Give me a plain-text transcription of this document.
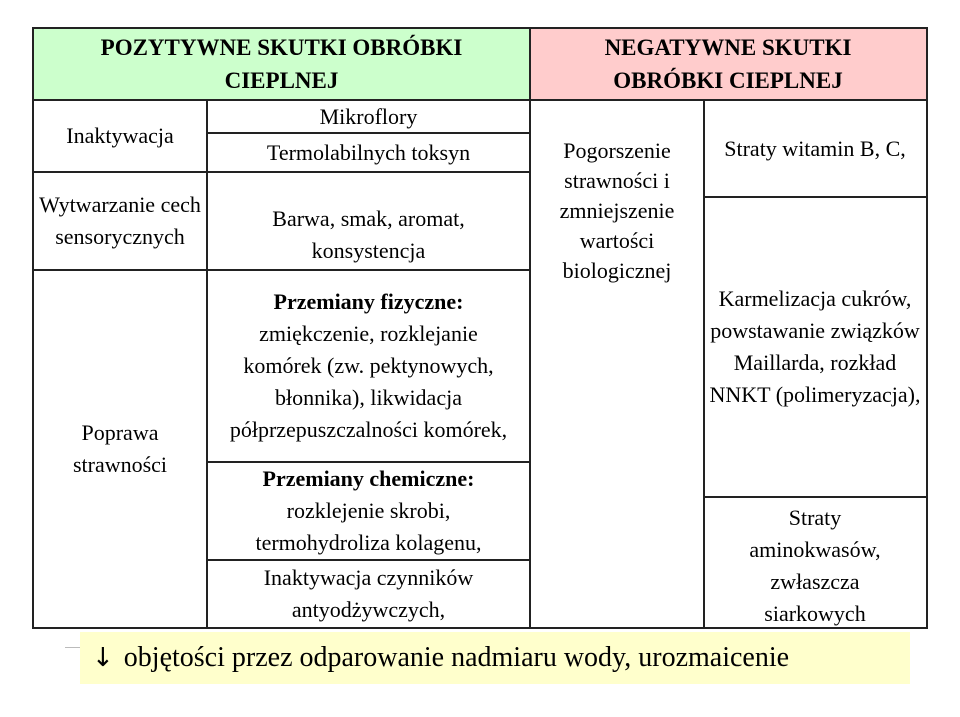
POZYTYWNE SKUTKI OBRÓBKI CIEPLNEJ
NEGATYWNE SKUTKI OBRÓBKI CIEPLNEJ
Inaktywacja
Wytwarzanie cech sensorycznych
Poprawa strawności
Mikroflory
Termolabilnych toksyn
Barwa, smak, aromat, konsystencja
Przemiany fizyczne:
zmiękczenie, rozklejanie komórek (zw. pektynowych, błonnika), likwidacja półprzepuszczalności komórek,
Przemiany chemiczne:
rozklejenie skrobi, termohydroliza kolagenu,
Inaktywacja czynników antyodżywczych,
Pogorszenie strawności i zmniejszenie wartości biologicznej
Straty witamin B, C,
Karmelizacja cukrów, powstawanie związków Maillarda, rozkład NNKT (polimeryzacja),
Straty aminokwasów, zwłaszcza siarkowych
↓ objętości przez odparowanie nadmiaru wody, urozmaicenie
